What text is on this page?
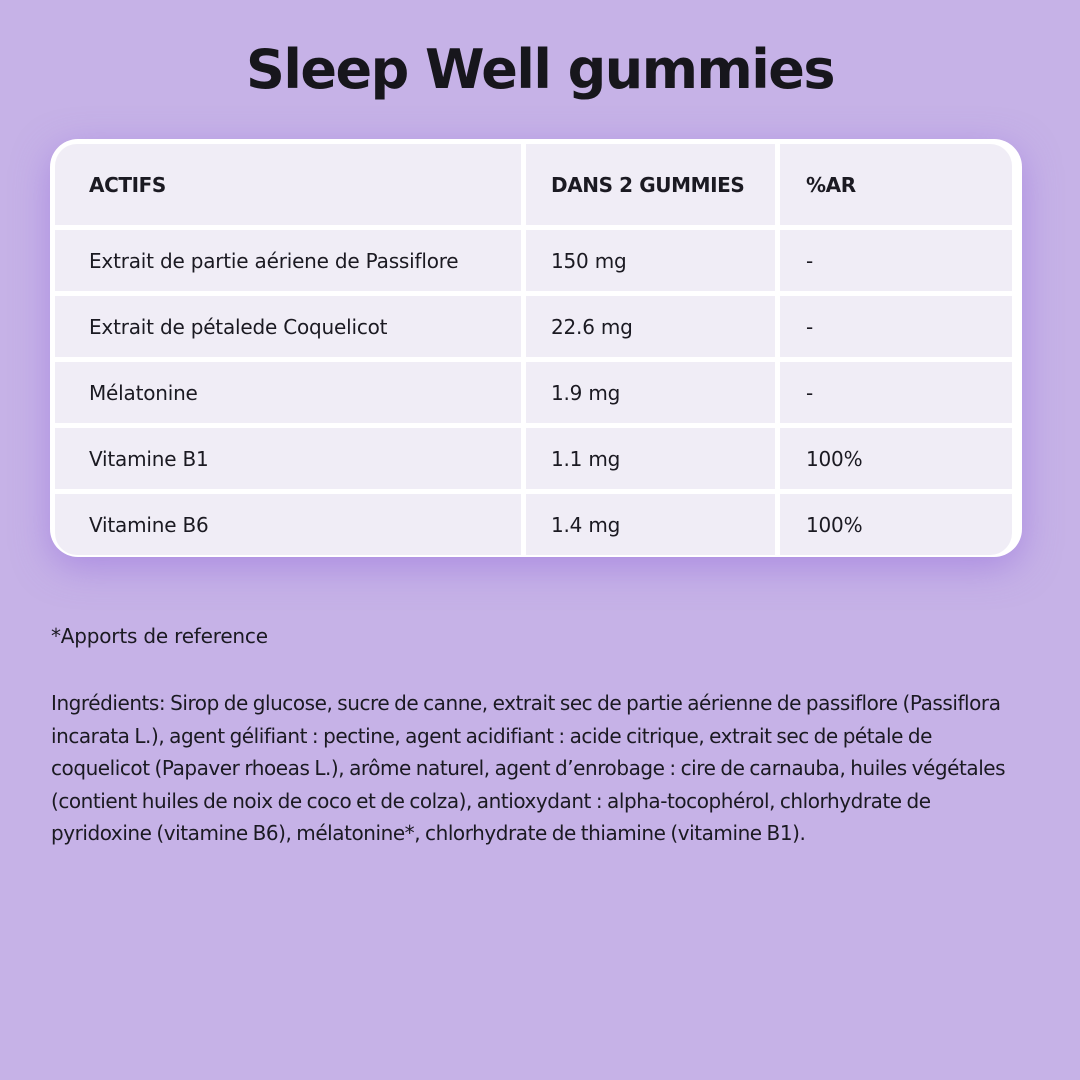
Sleep Well gummies
ACTIFS	DANS 2 GUMMIES	%AR
Extrait de partie aériene de Passiflore	150 mg	-
Extrait de pétalede Coquelicot	22.6 mg	-
Mélatonine	1.9 mg	-
Vitamine B1	1.1 mg	100%
Vitamine B6	1.4 mg	100%

*Apports de reference

Ingrédients: Sirop de glucose, sucre de canne, extrait sec de partie aérienne de passiflore (Passiflora incarata L.), agent gélifiant : pectine, agent acidifiant : acide citrique, extrait sec de pétale de coquelicot (Papaver rhoeas L.), arôme naturel, agent d’enrobage : cire de carnauba, huiles végétales (contient huiles de noix de coco et de colza), antioxydant : alpha-tocophérol, chlorhydrate de pyridoxine (vitamine B6), mélatonine*, chlorhydrate de thiamine (vitamine B1).
